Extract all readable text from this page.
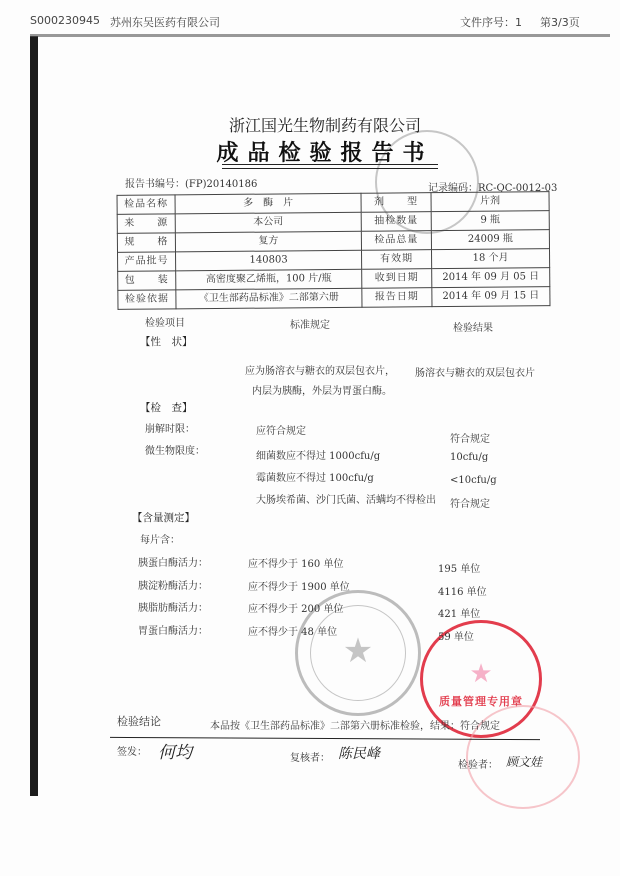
S000230945 苏州东吴医药有限公司	文件序号：1 第3/3页
★
质量管理专用章
★
浙江国光生物制药有限公司
成品检验报告书
报告书编号：(FP)20140186	记录编码：RC-QC-0012-03
检品名称	多　酶　片	剂　　型	片剂
来　　源	本公司	抽检数量	9 瓶
规　　格	复方	检品总量	24009 瓶
产品批号	140803	有效期	18 个月
包　　装	高密度聚乙烯瓶，100 片/瓶	收到日期	2014 年 09 月 05 日
检验依据	《卫生部药品标准》二部第六册	报告日期	2014 年 09 月 15 日
检验项目	标准规定	检验结果
【性　状】
应为肠溶衣与糖衣的双层包衣片， 肠溶衣与糖衣的双层包衣片
内层为胰酶，外层为胃蛋白酶。
【检　查】
崩解时限：	应符合规定
符合规定
微生物限度：	细菌数应不得过 1000cfu/g	10cfu/g
霉菌数应不得过 100cfu/g	<10cfu/g
大肠埃希菌、沙门氏菌、活螨均不得检出 符合规定
【含量测定】
每片含：
胰蛋白酶活力：	应不得少于 160 单位	195 单位
胰淀粉酶活力：	应不得少于 1900 单位	4116 单位
胰脂肪酶活力：	应不得少于 200 单位	421 单位
胃蛋白酶活力：	应不得少于 48 单位	59 单位
检验结论	本品按《卫生部药品标准》二部第六册标准检验，结果：符合规定
签发： 何均	复核者： 陈民峰
检验者： 顾文娃
